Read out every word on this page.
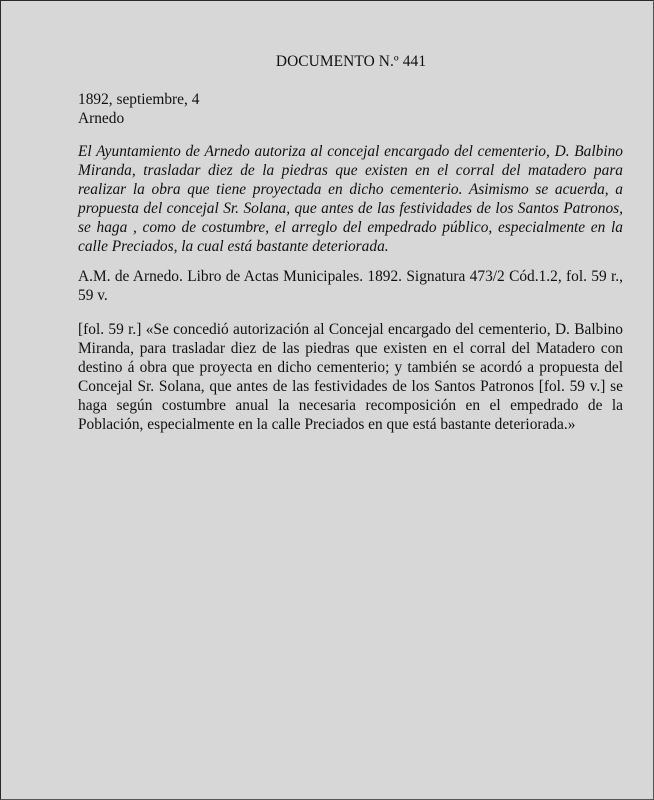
DOCUMENTO N.º 441
1892, septiembre, 4
Arnedo
El Ayuntamiento de Arnedo autoriza al concejal encargado del cementerio, D. Balbino
Miranda, trasladar diez de la piedras que existen en el corral del matadero para
realizar la obra que tiene proyectada en dicho cementerio. Asimismo se acuerda, a
propuesta del concejal Sr. Solana, que antes de las festividades de los Santos Patronos,
se haga , como de costumbre, el arreglo del empedrado público, especialmente en la
calle Preciados, la cual está bastante deteriorada.
A.M. de Arnedo. Libro de Actas Municipales. 1892. Signatura 473/2 Cód.1.2, fol. 59 r.,
59 v.
[fol. 59 r.] «Se concedió autorización al Concejal encargado del cementerio, D. Balbino
Miranda, para trasladar diez de las piedras que existen en el corral del Matadero con
destino á obra que proyecta en dicho cementerio; y también se acordó a propuesta del
Concejal Sr. Solana, que antes de las festividades de los Santos Patronos [fol. 59 v.] se
haga según costumbre anual la necesaria recomposición en el empedrado de la
Población, especialmente en la calle Preciados en que está bastante deteriorada.»
